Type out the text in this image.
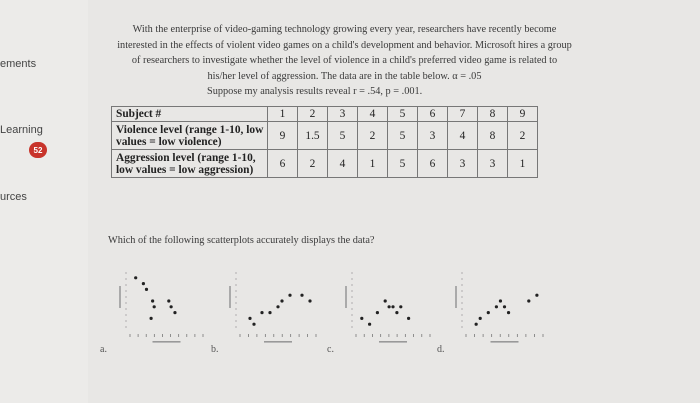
ements
Learning
52
urces
With the enterprise of video-gaming technology growing every year, researchers have recently become interested in the effects of violent video games on a child's development and behavior. Microsoft hires a group of researchers to investigate whether the level of violence in a child's preferred video game is related to his/her level of aggression. The data are in the table below. α = .05
Suppose my analysis results reveal r = .54, p = .001.
Subject #	1	2	3	4	5	6	7	8	9
Violence level (range 1-10, low values = low violence)	9	1.5	5	2	5	3	4	8	2
Aggression level (range 1-10, low values = low aggression)	6	2	4	1	5	6	3	3	1
Which of the following scatterplots accurately displays the data?
a.	b.	c.	d.
